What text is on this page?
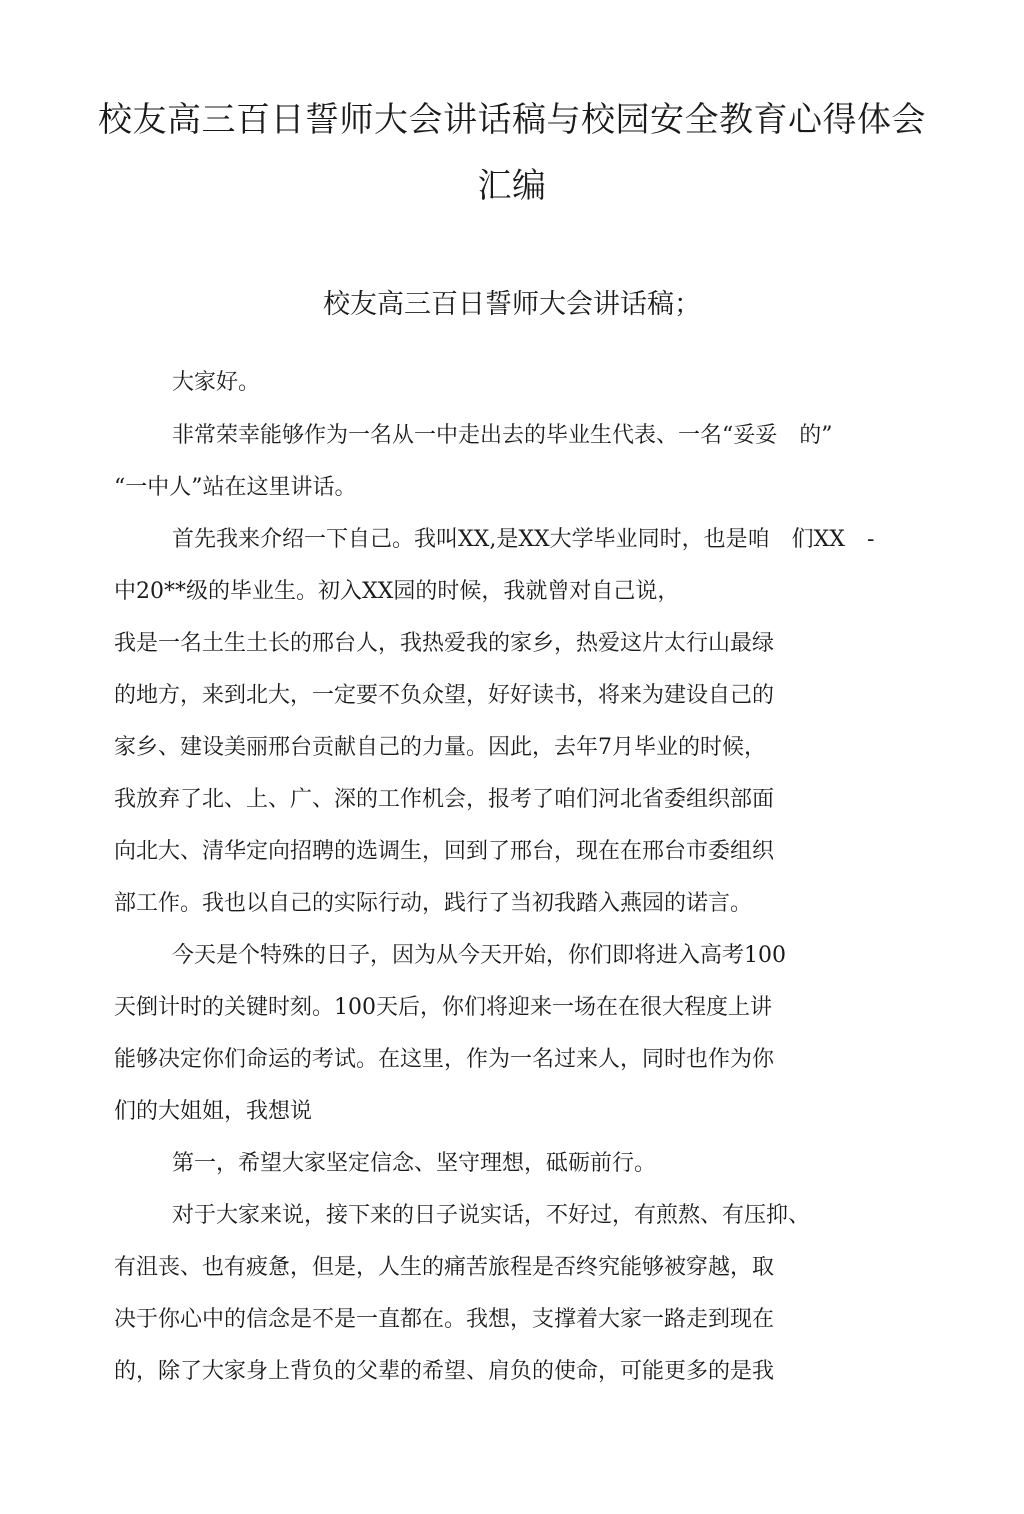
校友高三百日誓师大会讲话稿与校园安全教育心得体会
汇编
校友高三百日誓师大会讲话稿；
大家好。
非常荣幸能够作为一名从一中走出去的毕业生代表、一名“妥妥　的”
“一中人”站在这里讲话。
首先我来介绍一下自己。我叫XX,是XX大学毕业同时，也是咱　们XX　-
中20**级的毕业生。初入XX园的时候，我就曾对自己说，
我是一名土生土长的邢台人，我热爱我的家乡，热爱这片太行山最绿
的地方，来到北大，一定要不负众望，好好读书，将来为建设自己的
家乡、建设美丽邢台贡献自己的力量。因此，去年7月毕业的时候，
我放弃了北、上、广、深的工作机会，报考了咱们河北省委组织部面
向北大、清华定向招聘的选调生，回到了邢台，现在在邢台市委组织
部工作。我也以自己的实际行动，践行了当初我踏入燕园的诺言。
今天是个特殊的日子，因为从今天开始，你们即将进入高考100
天倒计时的关键时刻。100天后，你们将迎来一场在在很大程度上讲
能够决定你们命运的考试。在这里，作为一名过来人，同时也作为你
们的大姐姐，我想说
第一，希望大家坚定信念、坚守理想，砥砺前行。
对于大家来说，接下来的日子说实话，不好过，有煎熬、有压抑、
有沮丧、也有疲惫，但是，人生的痛苦旅程是否终究能够被穿越，取
决于你心中的信念是不是一直都在。我想，支撑着大家一路走到现在
的，除了大家身上背负的父辈的希望、肩负的使命，可能更多的是我
